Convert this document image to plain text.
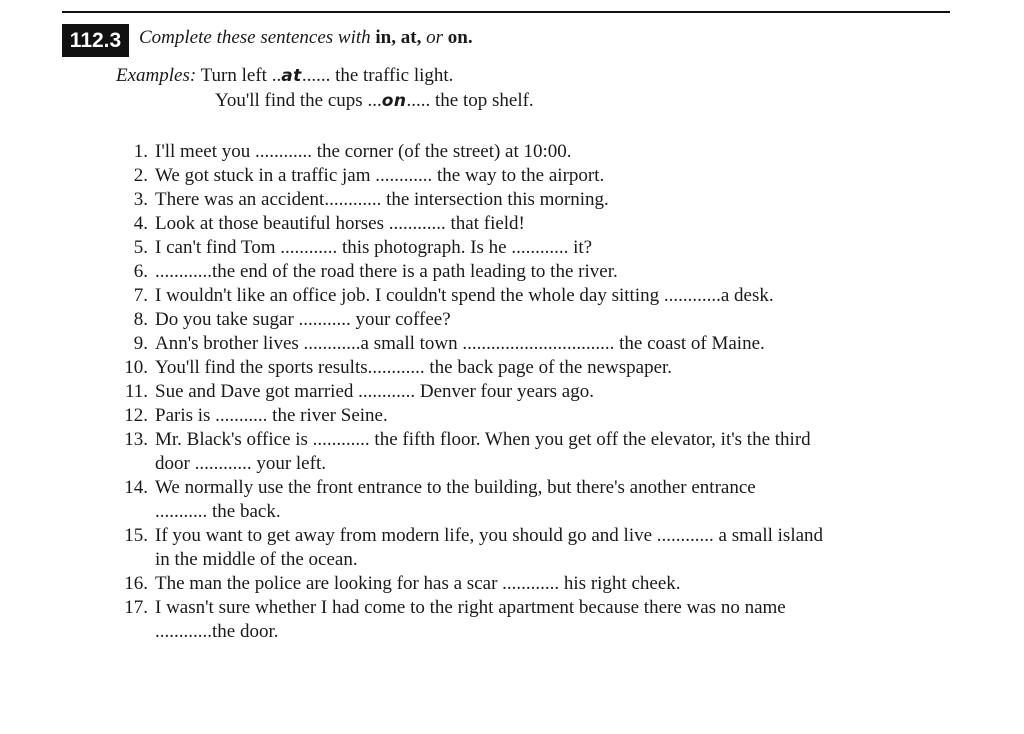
112.3 Complete these sentences with in, at, or on.
Examples: Turn left ..at...... the traffic light.
You'll find the cups ...on..... the top shelf.
1. I'll meet you ............ the corner (of the street) at 10:00.
2. We got stuck in a traffic jam ............ the way to the airport.
3. There was an accident............ the intersection this morning.
4. Look at those beautiful horses ............ that field!
5. I can't find Tom ............ this photograph. Is he ............ it?
6. ............the end of the road there is a path leading to the river.
7. I wouldn't like an office job. I couldn't spend the whole day sitting ............a desk.
8. Do you take sugar ........... your coffee?
9. Ann's brother lives ............a small town ................................ the coast of Maine.
10. You'll find the sports results............ the back page of the newspaper.
11. Sue and Dave got married ............ Denver four years ago.
12. Paris is ........... the river Seine.
13. Mr. Black's office is ............ the fifth floor. When you get off the elevator, it's the third
door ............ your left.
14. We normally use the front entrance to the building, but there's another entrance
........... the back.
15. If you want to get away from modern life, you should go and live ............ a small island
in the middle of the ocean.
16. The man the police are looking for has a scar ............ his right cheek.
17. I wasn't sure whether I had come to the right apartment because there was no name
............the door.
